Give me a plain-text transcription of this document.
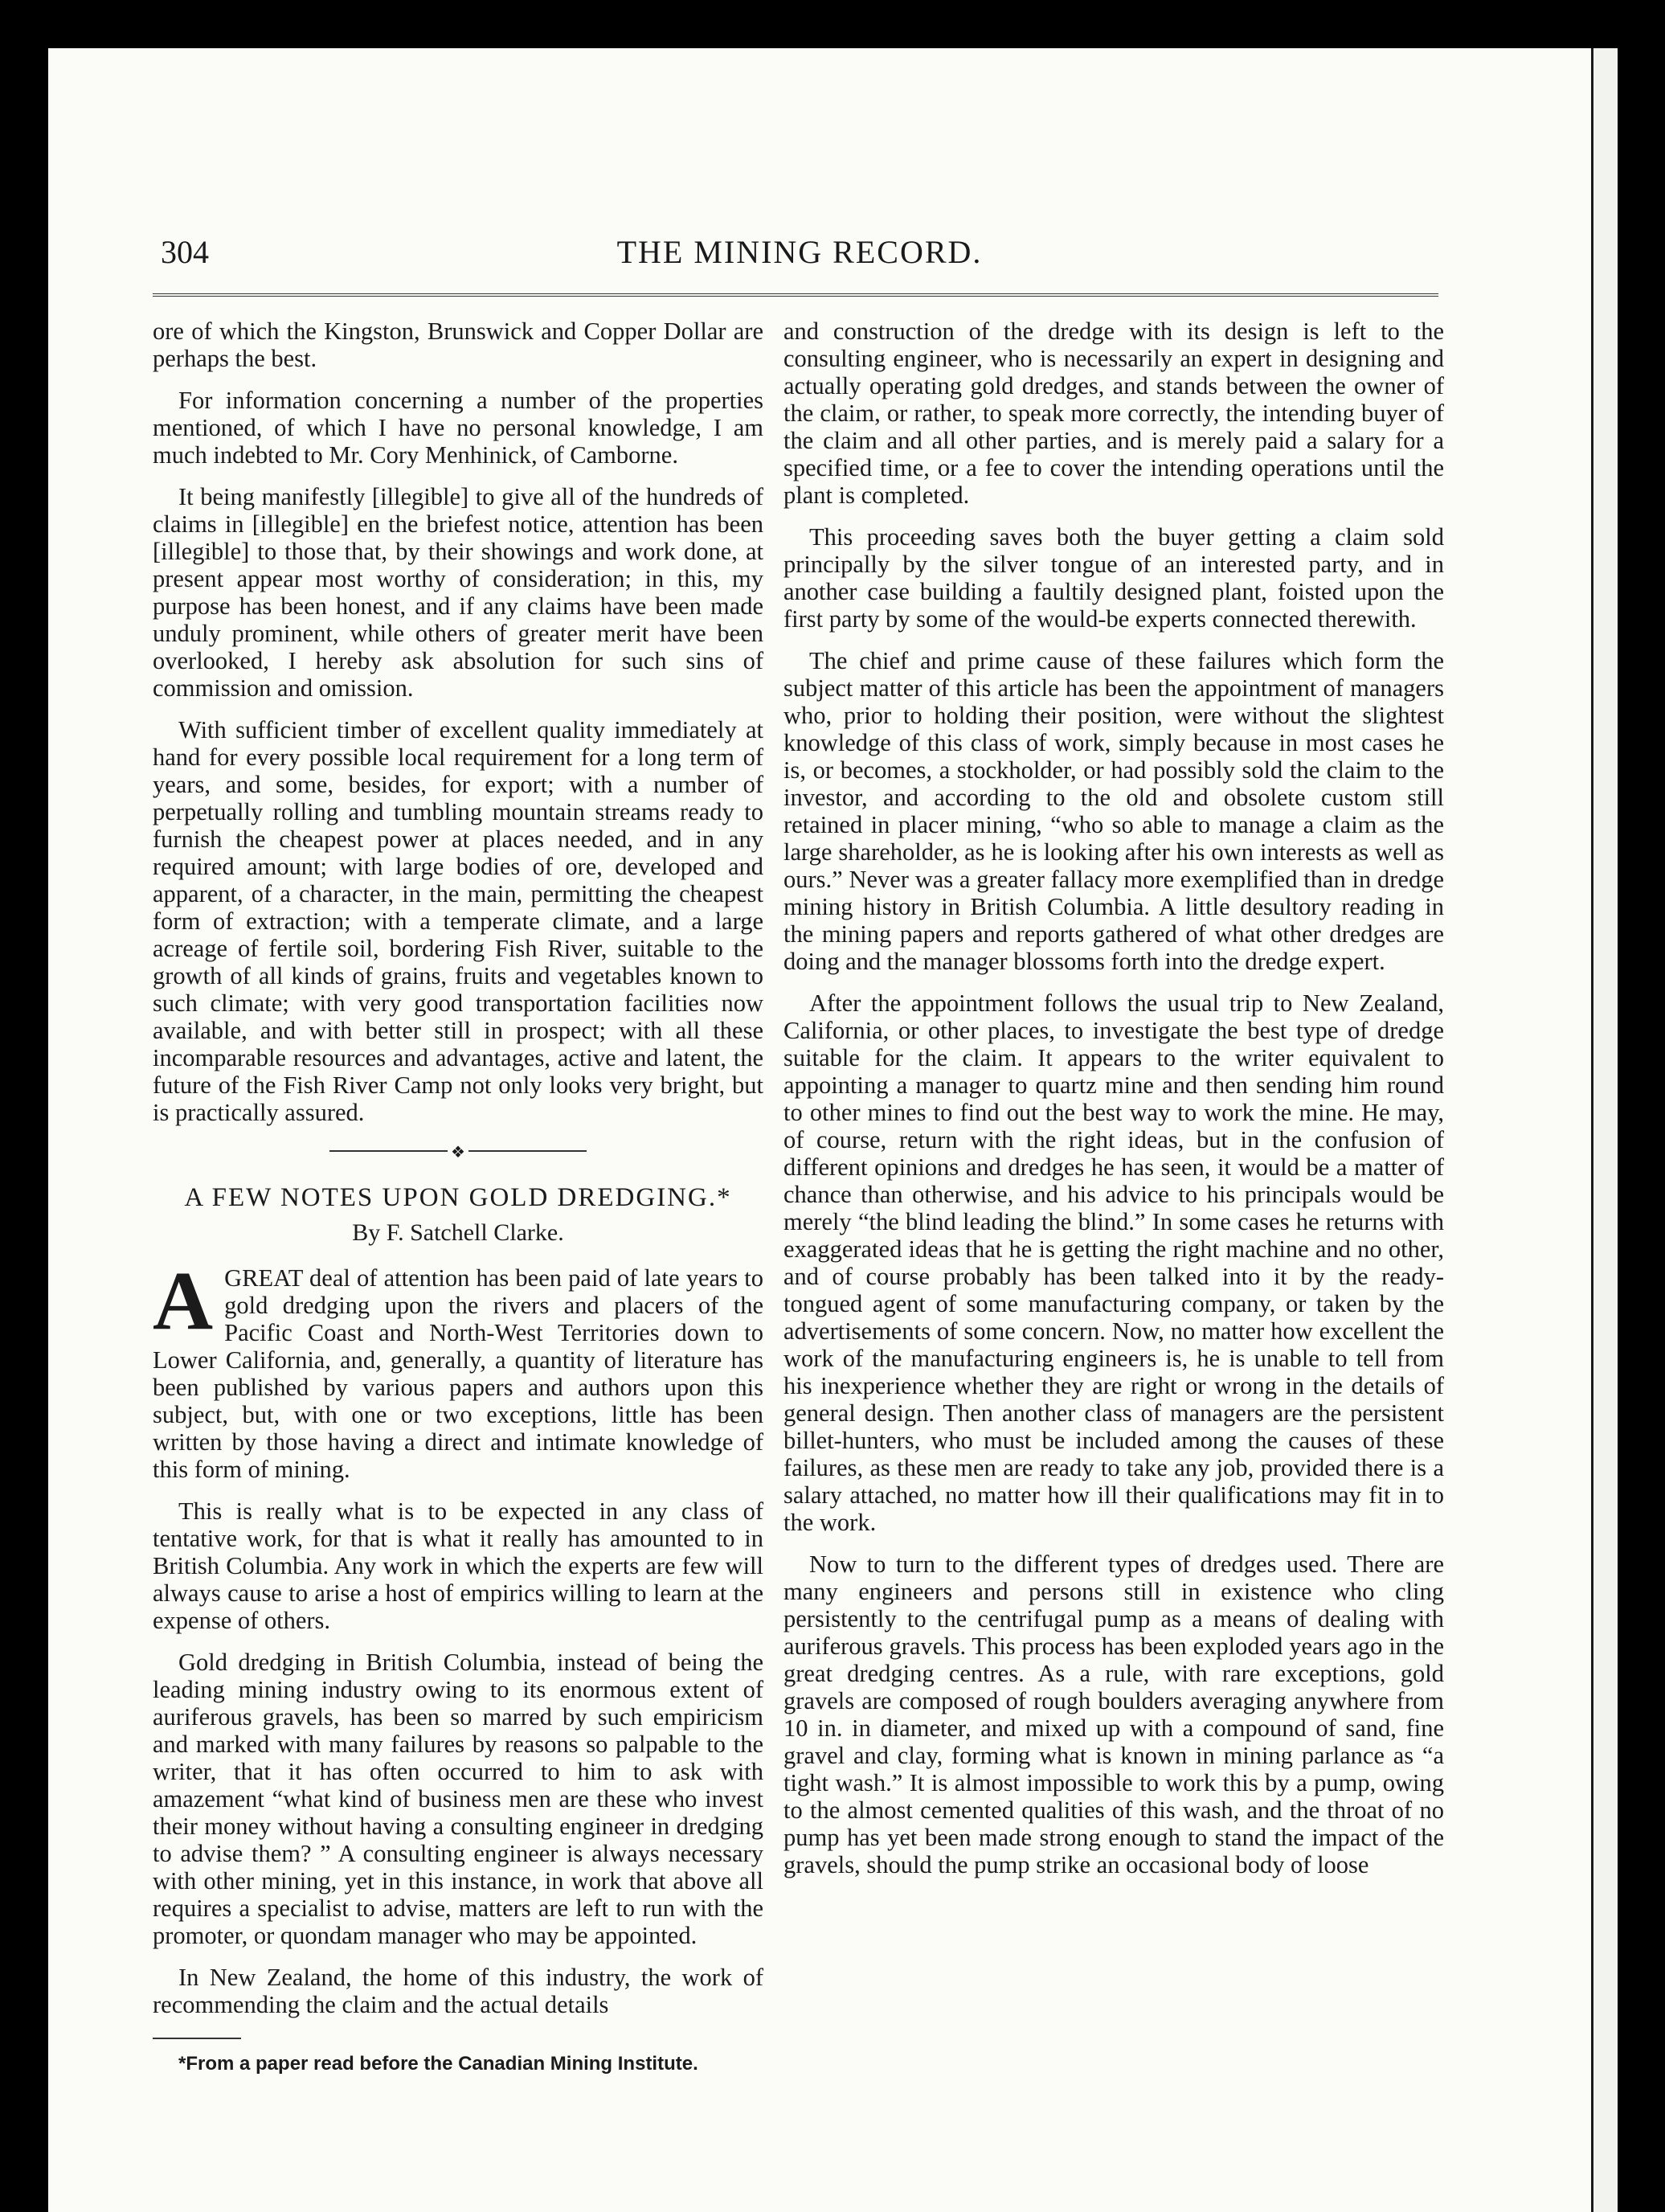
304	THE MINING RECORD.

ore of which the Kingston, Brunswick and Copper Dollar are perhaps the best.

For information concerning a number of the properties mentioned, of which I have no personal knowledge, I am much indebted to Mr. Cory Menhinick, of Camborne.

It being manifestly [illegible] to give all of the hundreds of claims in [illegible] en the briefest notice, attention has been [illegible] to those that, by their showings and work done, at present appear most worthy of consideration; in this, my purpose has been honest, and if any claims have been made unduly prominent, while others of greater merit have been overlooked, I hereby ask absolution for such sins of commission and omission.

With sufficient timber of excellent quality immediately at hand for every possible local requirement for a long term of years, and some, besides, for export; with a number of perpetually rolling and tumbling mountain streams ready to furnish the cheapest power at places needed, and in any required amount; with large bodies of ore, developed and apparent, of a character, in the main, permitting the cheapest form of extraction; with a temperate climate, and a large acreage of fertile soil, bordering Fish River, suitable to the growth of all kinds of grains, fruits and vegetables known to such climate; with very good transportation facilities now available, and with better still in prospect; with all these incomparable resources and advantages, active and latent, the future of the Fish River Camp not only looks very bright, but is practically assured.

❖
A FEW NOTES UPON GOLD DREDGING.*
By F. Satchell Clarke.

A GREAT deal of attention has been paid of late years to gold dredging upon the rivers and placers of the Pacific Coast and North-West Territories down to Lower California, and, generally, a quantity of literature has been published by various papers and authors upon this subject, but, with one or two exceptions, little has been written by those having a direct and intimate knowledge of this form of mining.

This is really what is to be expected in any class of tentative work, for that is what it really has amounted to in British Columbia. Any work in which the experts are few will always cause to arise a host of empirics willing to learn at the expense of others.

Gold dredging in British Columbia, instead of being the leading mining industry owing to its enormous extent of auriferous gravels, has been so marred by such empiricism and marked with many failures by reasons so palpable to the writer, that it has often occurred to him to ask with amazement “what kind of business men are these who invest their money without having a consulting engineer in dredging to advise them? ” A consulting engineer is always necessary with other mining, yet in this instance, in work that above all requires a specialist to advise, matters are left to run with the promoter, or quondam manager who may be appointed.

In New Zealand, the home of this industry, the work of recommending the claim and the actual details

*From a paper read before the Canadian Mining Institute.

and construction of the dredge with its design is left to the consulting engineer, who is necessarily an expert in designing and actually operating gold dredges, and stands between the owner of the claim, or rather, to speak more correctly, the intending buyer of the claim and all other parties, and is merely paid a salary for a specified time, or a fee to cover the intending operations until the plant is completed.

This proceeding saves both the buyer getting a claim sold principally by the silver tongue of an interested party, and in another case building a faultily designed plant, foisted upon the first party by some of the would-be experts connected therewith.

The chief and prime cause of these failures which form the subject matter of this article has been the appointment of managers who, prior to holding their position, were without the slightest knowledge of this class of work, simply because in most cases he is, or becomes, a stockholder, or had possibly sold the claim to the investor, and according to the old and obsolete custom still retained in placer mining, “who so able to manage a claim as the large shareholder, as he is looking after his own interests as well as ours.” Never was a greater fallacy more exemplified than in dredge mining history in British Columbia. A little desultory reading in the mining papers and reports gathered of what other dredges are doing and the manager blossoms forth into the dredge expert.

After the appointment follows the usual trip to New Zealand, California, or other places, to investigate the best type of dredge suitable for the claim. It appears to the writer equivalent to appointing a manager to quartz mine and then sending him round to other mines to find out the best way to work the mine. He may, of course, return with the right ideas, but in the confusion of different opinions and dredges he has seen, it would be a matter of chance than otherwise, and his advice to his principals would be merely “the blind leading the blind.” In some cases he returns with exaggerated ideas that he is getting the right machine and no other, and of course probably has been talked into it by the ready-tongued agent of some manufacturing company, or taken by the advertisements of some concern. Now, no matter how excellent the work of the manufacturing engineers is, he is unable to tell from his inexperience whether they are right or wrong in the details of general design. Then another class of managers are the persistent billet-hunters, who must be included among the causes of these failures, as these men are ready to take any job, provided there is a salary attached, no matter how ill their qualifications may fit in to the work.

Now to turn to the different types of dredges used. There are many engineers and persons still in existence who cling persistently to the centrifugal pump as a means of dealing with auriferous gravels. This process has been exploded years ago in the great dredging centres. As a rule, with rare exceptions, gold gravels are composed of rough boulders averaging anywhere from 10 in. in diameter, and mixed up with a compound of sand, fine gravel and clay, forming what is known in mining parlance as “a tight wash.” It is almost impossible to work this by a pump, owing to the almost cemented qualities of this wash, and the throat of no pump has yet been made strong enough to stand the impact of the gravels, should the pump strike an occasional body of loose
